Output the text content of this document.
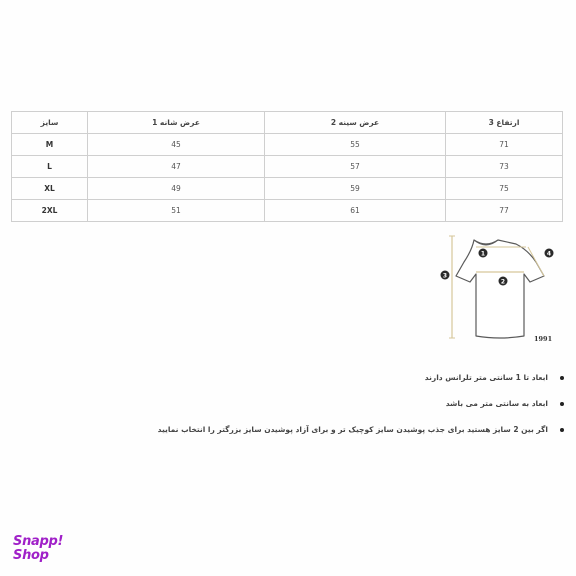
سایز	عرض شانه 1	عرض سینه 2	ارتفاع 3
M	45	55	71
L	47	57	73
XL	49	59	75
2XL	51	61	77
1
2
3
4
1991
ابعاد تا 1 سانتی متر تلرانس دارند
ابعاد به سانتی متر می باشد
اگر بین 2 سایز هستید برای جذب پوشیدن سایز کوچیک تر و برای آزاد پوشیدن سایز بزرگتر را انتخاب نمایید
Snapp!
Shop
